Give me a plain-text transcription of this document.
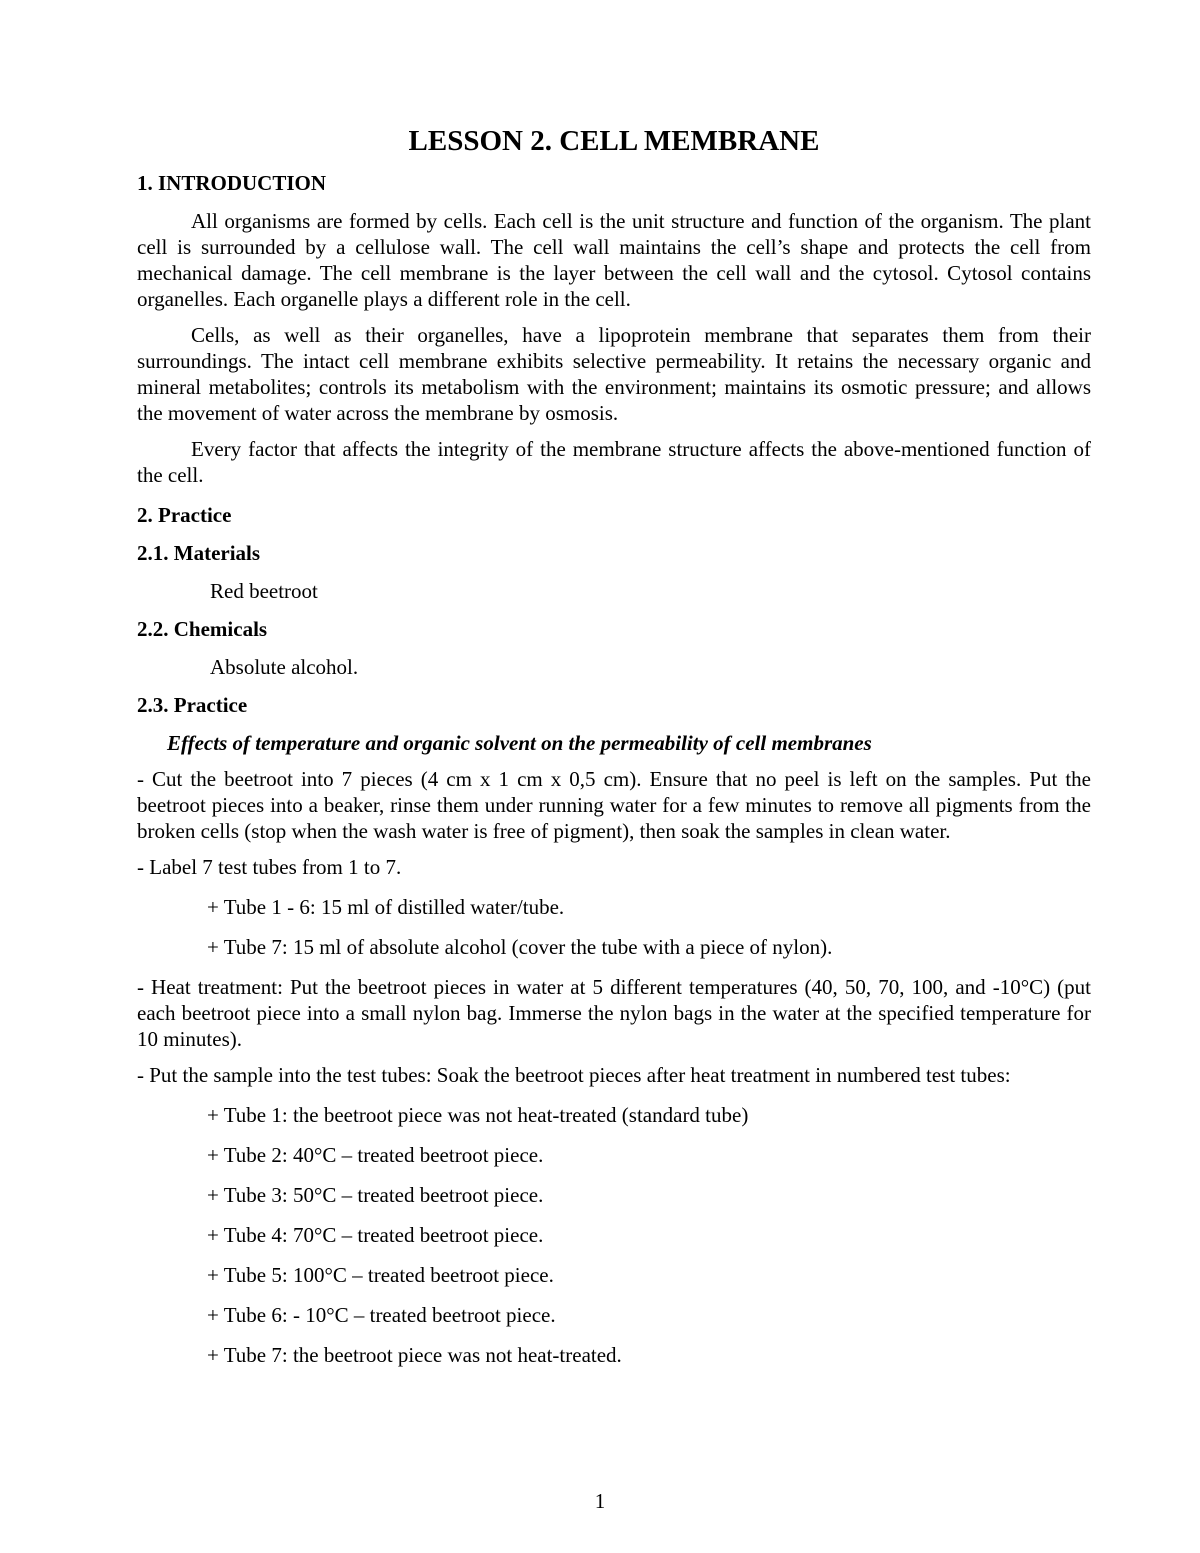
LESSON 2. CELL MEMBRANE
1. INTRODUCTION

All organisms are formed by cells. Each cell is the unit structure and function of the organism. The plant cell is surrounded by a cellulose wall. The cell wall maintains the cell’s shape and protects the cell from mechanical damage. The cell membrane is the layer between the cell wall and the cytosol. Cytosol contains organelles. Each organelle plays a different role in the cell.

Cells, as well as their organelles, have a lipoprotein membrane that separates them from their surroundings. The intact cell membrane exhibits selective permeability. It retains the necessary organic and mineral metabolites; controls its metabolism with the environment; maintains its osmotic pressure; and allows the movement of water across the membrane by osmosis.

Every factor that affects the integrity of the membrane structure affects the above-mentioned function of the cell.

2. Practice
2.1. Materials
Red beetroot
2.2. Chemicals
Absolute alcohol.
2.3. Practice
Effects of temperature and organic solvent on the permeability of cell membranes

- Cut the beetroot into 7 pieces (4 cm x 1 cm x 0,5 cm). Ensure that no peel is left on the samples. Put the beetroot pieces into a beaker, rinse them under running water for a few minutes to remove all pigments from the broken cells (stop when the wash water is free of pigment), then soak the samples in clean water.

- Label 7 test tubes from 1 to 7.

+ Tube 1 - 6: 15 ml of distilled water/tube.
+ Tube 7: 15 ml of absolute alcohol (cover the tube with a piece of nylon).

- Heat treatment: Put the beetroot pieces in water at 5 different temperatures (40, 50, 70, 100, and -10°C) (put each beetroot piece into a small nylon bag. Immerse the nylon bags in the water at the specified temperature for 10 minutes).

- Put the sample into the test tubes: Soak the beetroot pieces after heat treatment in numbered test tubes:

+ Tube 1: the beetroot piece was not heat-treated (standard tube)
+ Tube 2: 40°C – treated beetroot piece.
+ Tube 3: 50°C – treated beetroot piece.
+ Tube 4: 70°C – treated beetroot piece.
+ Tube 5: 100°C – treated beetroot piece.
+ Tube 6: - 10°C – treated beetroot piece.
+ Tube 7: the beetroot piece was not heat-treated.
1
